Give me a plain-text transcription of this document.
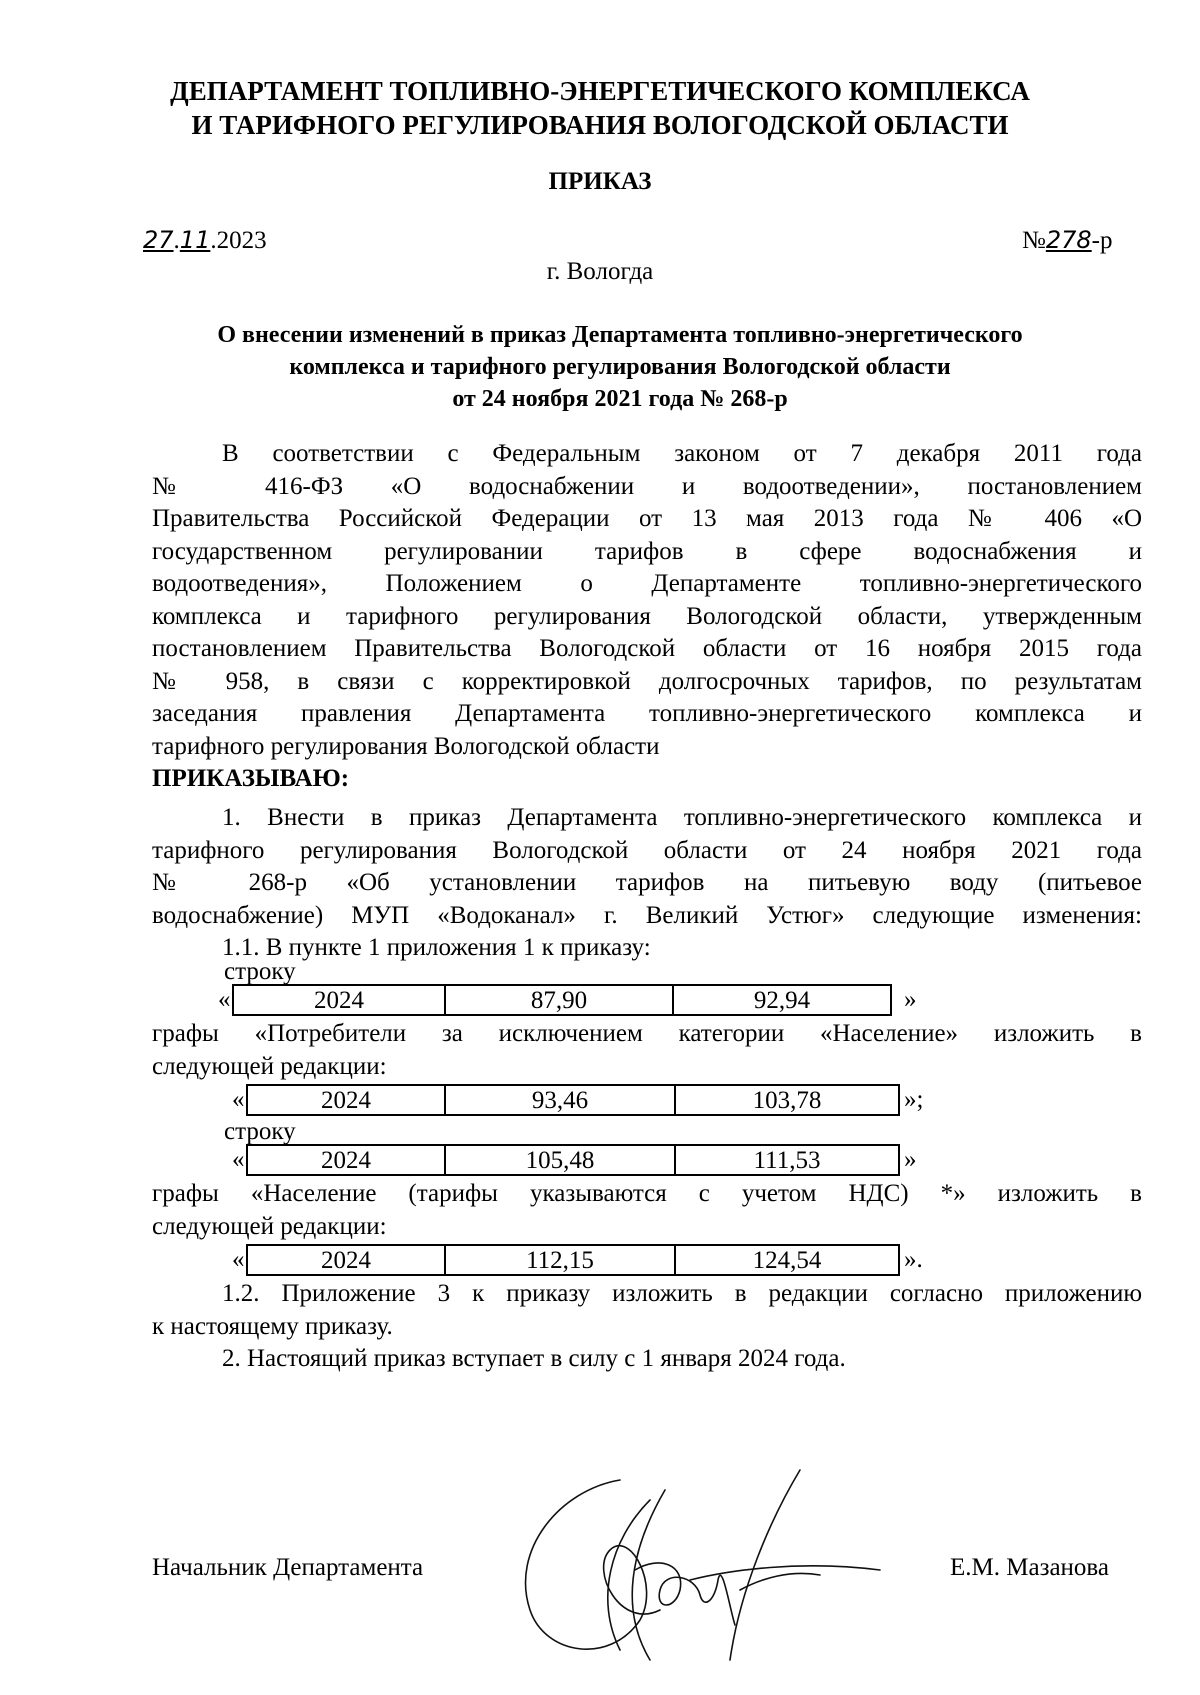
ДЕПАРТАМЕНТ ТОПЛИВНО-ЭНЕРГЕТИЧЕСКОГО КОМПЛЕКСА
И ТАРИФНОГО РЕГУЛИРОВАНИЯ ВОЛОГОДСКОЙ ОБЛАСТИ
ПРИКАЗ
27.11.2023	№278-р
г. Вологда
О внесении изменений в приказ Департамента топливно-энергетического
комплекса и тарифного регулирования Вологодской области
от 24 ноября 2021 года № 268-р
В соответствии с Федеральным законом от 7 декабря 2011 года
№ 416-ФЗ «О водоснабжении и водоотведении», постановлением
Правительства Российской Федерации от 13 мая 2013 года № 406 «О
государственном регулировании тарифов в сфере водоснабжения и
водоотведения», Положением о Департаменте топливно-энергетического
комплекса и тарифного регулирования Вологодской области, утвержденным
постановлением Правительства Вологодской области от 16 ноября 2015 года
№ 958, в связи с корректировкой долгосрочных тарифов, по результатам
заседания правления Департамента топливно-энергетического комплекса и
тарифного регулирования Вологодской области
ПРИКАЗЫВАЮ:
1. Внести в приказ Департамента топливно-энергетического комплекса и
тарифного регулирования Вологодской области от 24 ноября 2021 года
№ 268-р «Об установлении тарифов на питьевую воду (питьевое
водоснабжение) МУП «Водоканал» г. Великий Устюг» следующие изменения:
1.1. В пункте 1 приложения 1 к приказу:
строку
«	2024	87,90	92,94	»
графы «Потребители за исключением категории «Население» изложить в
следующей редакции:
«	2024	93,46	103,78	»;
строку
«	2024	105,48	111,53	»
графы «Население (тарифы указываются с учетом НДС) *» изложить в
следующей редакции:
«	2024	112,15	124,54	».
1.2. Приложение 3 к приказу изложить в редакции согласно приложению
к настоящему приказу.
2. Настоящий приказ вступает в силу с 1 января 2024 года.
Начальник Департамента	Е.М. Мазанова
